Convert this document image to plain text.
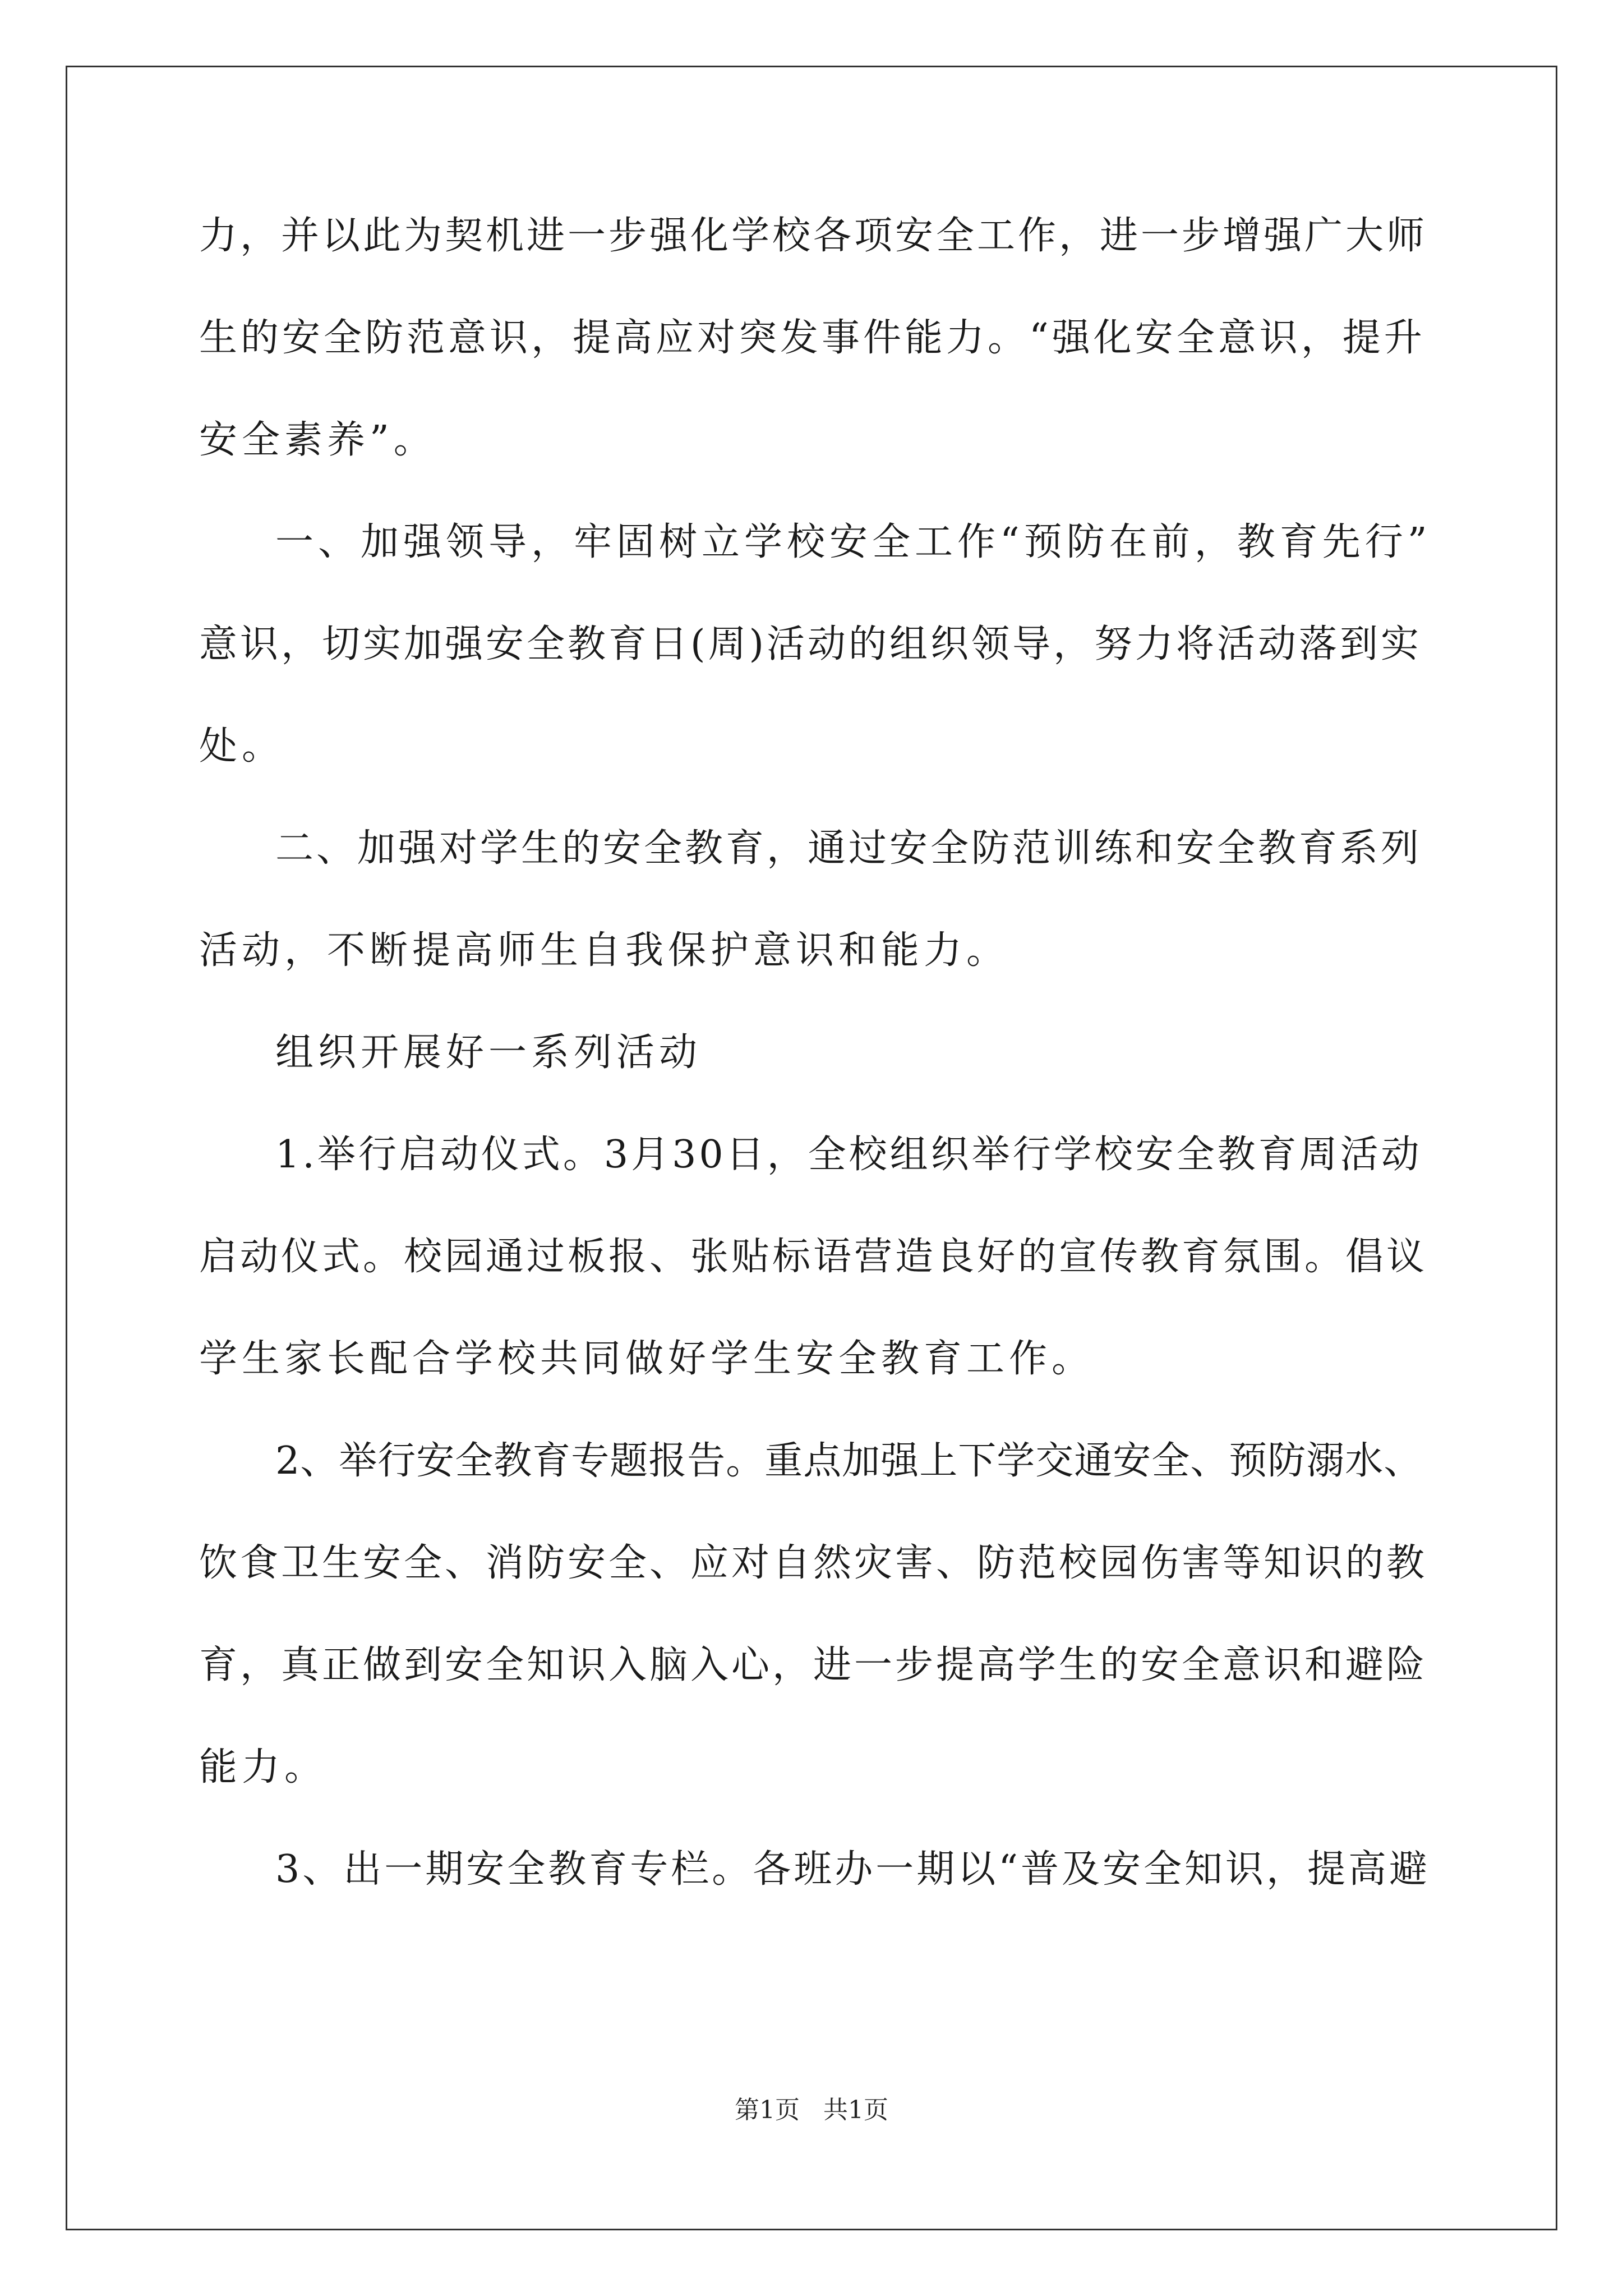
力，并以此为契机进一步强化学校各项安全工作，进一步增强广大师
生的安全防范意识，提高应对突发事件能力。“强化安全意识，提升
安全素养”。
一、加强领导，牢固树立学校安全工作“预防在前，教育先行”
意识，切实加强安全教育日(周)活动的组织领导，努力将活动落到实
处。
二、加强对学生的安全教育，通过安全防范训练和安全教育系列
活动，不断提高师生自我保护意识和能力。
组织开展好一系列活动
1.举行启动仪式。3月30日，全校组织举行学校安全教育周活动
启动仪式。校园通过板报、张贴标语营造良好的宣传教育氛围。倡议
学生家长配合学校共同做好学生安全教育工作。
2、举行安全教育专题报告。重点加强上下学交通安全、预防溺水、
饮食卫生安全、消防安全、应对自然灾害、防范校园伤害等知识的教
育，真正做到安全知识入脑入心，进一步提高学生的安全意识和避险
能力。
3、出一期安全教育专栏。各班办一期以“普及安全知识，提高避
第1页   共1页
